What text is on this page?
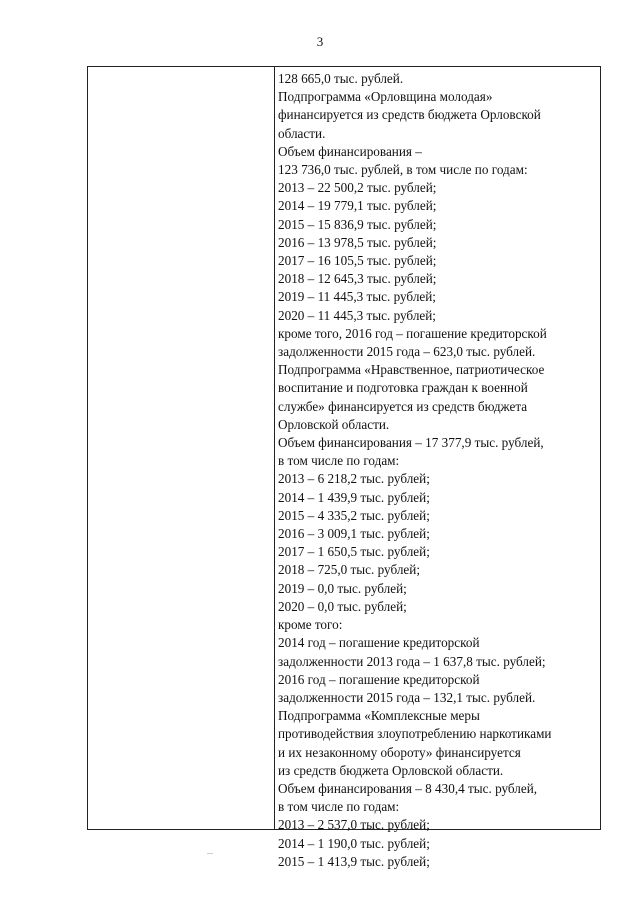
3
128 665,0 тыс. рублей.
Подпрограмма «Орловщина молодая»
финансируется из средств бюджета Орловской
области.
Объем финансирования –
123 736,0 тыс. рублей, в том числе по годам:
2013 – 22 500,2 тыс. рублей;
2014 – 19 779,1 тыс. рублей;
2015 – 15 836,9 тыс. рублей;
2016 – 13 978,5 тыс. рублей;
2017 – 16 105,5 тыс. рублей;
2018 – 12 645,3 тыс. рублей;
2019 – 11 445,3 тыс. рублей;
2020 – 11 445,3 тыс. рублей;
кроме того, 2016 год – погашение кредиторской
задолженности 2015 года – 623,0 тыс. рублей.
Подпрограмма «Нравственное, патриотическое
воспитание и подготовка граждан к военной
службе» финансируется из средств бюджета
Орловской области.
Объем финансирования – 17 377,9 тыс. рублей,
в том числе по годам:
2013 – 6 218,2 тыс. рублей;
2014 – 1 439,9 тыс. рублей;
2015 – 4 335,2 тыс. рублей;
2016 – 3 009,1 тыс. рублей;
2017 – 1 650,5 тыс. рублей;
2018 – 725,0 тыс. рублей;
2019 – 0,0 тыс. рублей;
2020 – 0,0 тыс. рублей;
кроме того:
2014 год – погашение кредиторской
задолженности 2013 года – 1 637,8 тыс. рублей;
2016 год – погашение кредиторской
задолженности 2015 года – 132,1 тыс. рублей.
Подпрограмма «Комплексные меры
противодействия злоупотреблению наркотиками
и их незаконному обороту» финансируется
из средств бюджета Орловской области.
Объем финансирования – 8 430,4 тыс. рублей,
в том числе по годам:
2013 – 2 537,0 тыс. рублей;
2014 – 1 190,0 тыс. рублей;
2015 – 1 413,9 тыс. рублей;
